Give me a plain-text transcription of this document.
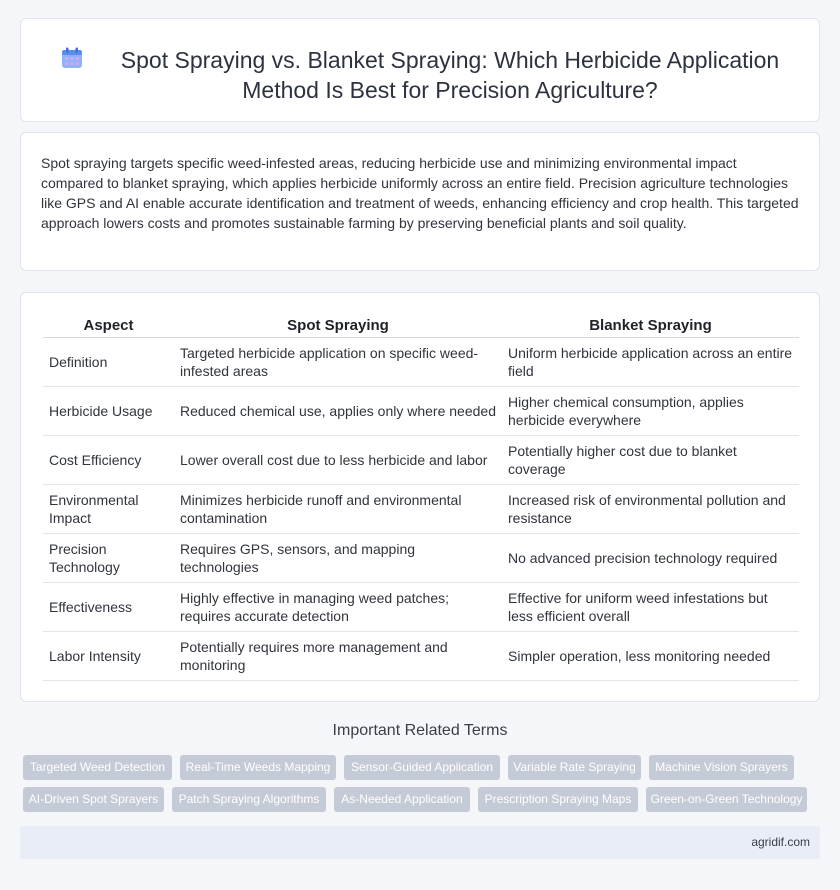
Spot Spraying vs. Blanket Spraying: Which Herbicide Application Method Is Best for Precision Agriculture?

Spot spraying targets specific weed-infested areas, reducing herbicide use and minimizing environmental impact compared to blanket spraying, which applies herbicide uniformly across an entire field. Precision agriculture technologies like GPS and AI enable accurate identification and treatment of weeds, enhancing efficiency and crop health. This targeted approach lowers costs and promotes sustainable farming by preserving beneficial plants and soil quality.

Aspect	Spot Spraying	Blanket Spraying
Definition	Targeted herbicide application on specific weed-infested areas	Uniform herbicide application across an entire field
Herbicide Usage	Reduced chemical use, applies only where needed	Higher chemical consumption, applies herbicide everywhere
Cost Efficiency	Lower overall cost due to less herbicide and labor	Potentially higher cost due to blanket coverage
Environmental Impact	Minimizes herbicide runoff and environmental contamination	Increased risk of environmental pollution and resistance
Precision Technology	Requires GPS, sensors, and mapping technologies	No advanced precision technology required
Effectiveness	Highly effective in managing weed patches; requires accurate detection	Effective for uniform weed infestations but less efficient overall
Labor Intensity	Potentially requires more management and monitoring	Simpler operation, less monitoring needed
Important Related Terms
Targeted Weed Detection	Real-Time Weeds Mapping	Sensor-Guided Application	Variable Rate Spraying	Machine Vision Sprayers
AI-Driven Spot Sprayers	Patch Spraying Algorithms	As-Needed Application	Prescription Spraying Maps	Green-on-Green Technology
agridif.com
